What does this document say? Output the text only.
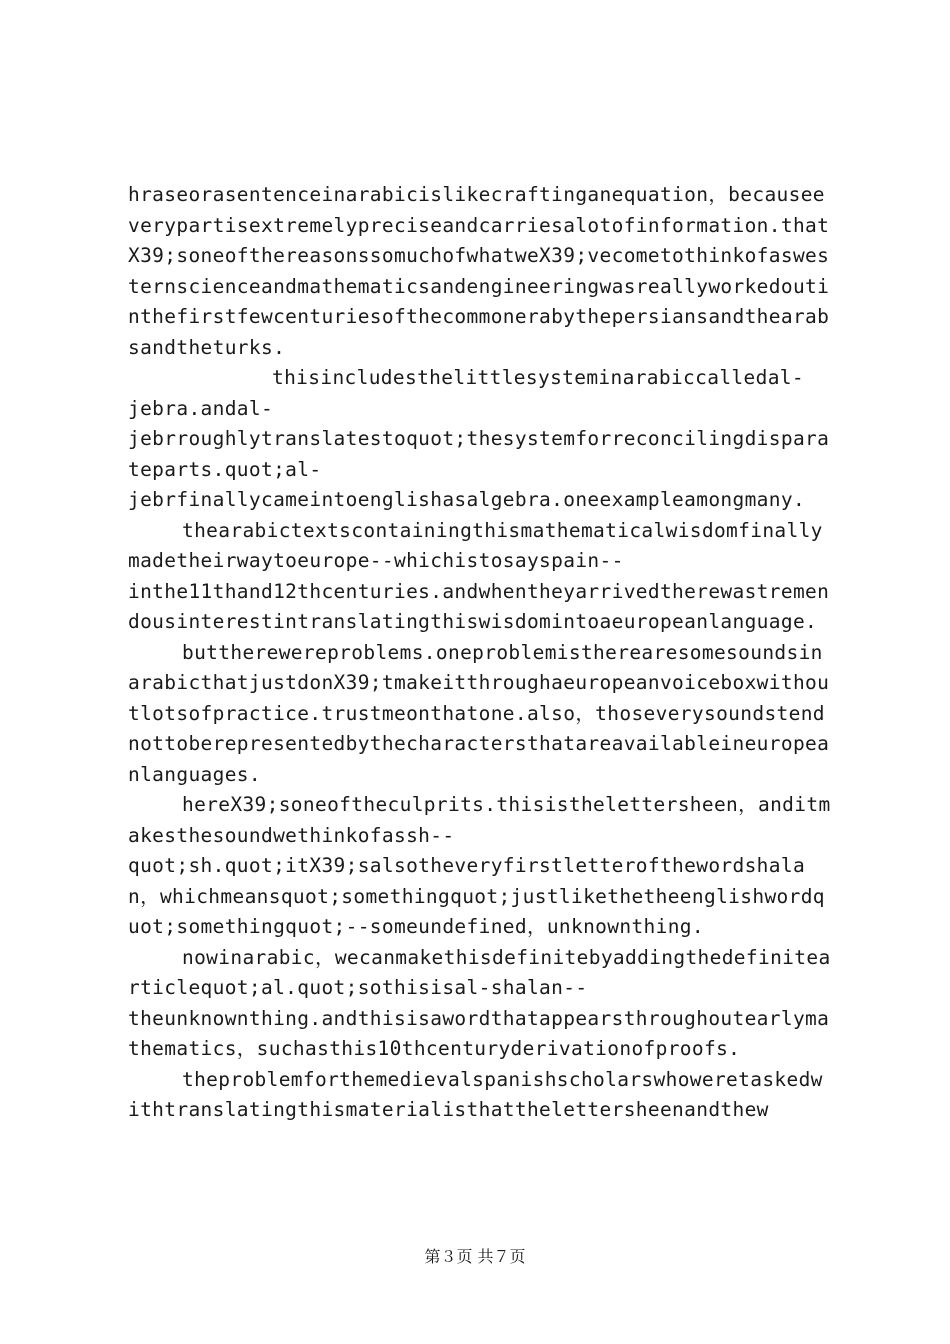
hraseorasentenceinarabicislikecraftinganequation，becauseeverypartisextremelypreciseandcarriesalotofinformation.thatX39;soneofthereasonssomuchofwhatweX39;vecometothinkofaswesternscienceandmathematicsandengineeringwasreallyworkedoutinthefirstfewcenturiesofthecommonerabythepersiansandthearabsandtheturks.

thisincludesthelittlesysteminarabiccalledal-
jebra.andal-
jebrroughlytranslatestoquot;thesystemforreconcilingdisparateparts.quot;al-
jebrfinallycameintoenglishasalgebra.oneexampleamongmany.

thearabictextscontainingthismathematicalwisdomfinallymadetheirwaytoeurope--whichistosayspain--
inthe11thand12thcenturies.andwhentheyarrivedtherewastremendousinterestintranslatingthiswisdomintoaeuropeanlanguage.

buttherewereproblems.oneproblemistherearesomesoundsinarabicthatjustdonX39;tmakeitthroughaeuropeanvoiceboxwithoutlotsofpractice.trustmeonthatone.also，thoseverysoundstendnottoberepresentedbythecharactersthatareavailableineuropeanlanguages.

hereX39;soneoftheculprits.thisisthelettersheen，anditmakesthesoundwethinkofassh--
quot;sh.quot;itX39;salsotheveryfirstletterofthewordshalan，whichmeansquot;somethingquot;justlikethetheenglishwordquot;somethingquot;--someundefined，unknownthing.

nowinarabic，wecanmakethisdefinitebyaddingthedefinitearticlequot;al.quot;sothisisal-shalan--
theunknownthing.andthisisawordthatappearsthroughoutearlymathematics，suchasthis10thcenturyderivationofproofs.

theproblemforthemedievalspanishscholarswhoweretaskedwithtranslatingthismaterialisthatthelettersheenandthew

第３页 共７页
